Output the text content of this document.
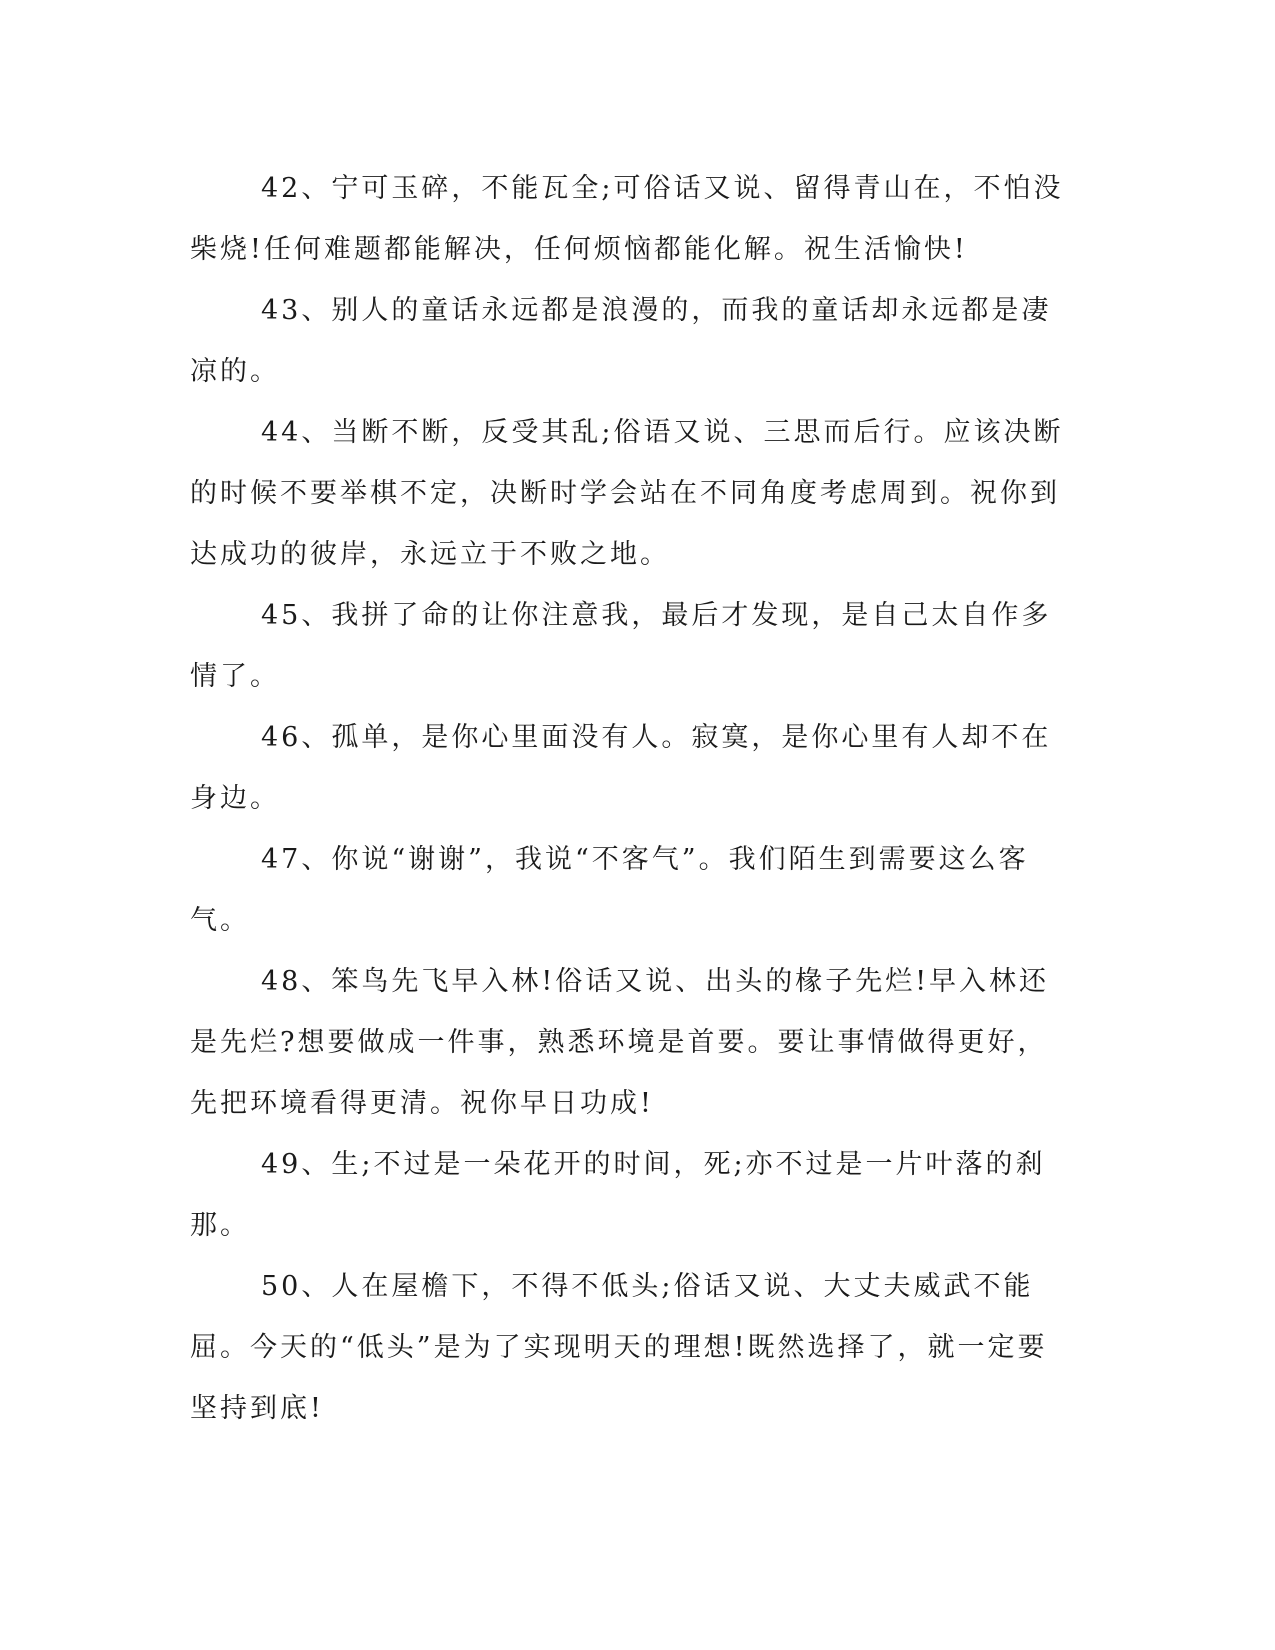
42、宁可玉碎，不能瓦全;可俗话又说、留得青山在，不怕没柴烧!任何难题都能解决，任何烦恼都能化解。祝生活愉快!

43、别人的童话永远都是浪漫的，而我的童话却永远都是凄凉的。

44、当断不断，反受其乱;俗语又说、三思而后行。应该决断的时候不要举棋不定，决断时学会站在不同角度考虑周到。祝你到达成功的彼岸，永远立于不败之地。

45、我拼了命的让你注意我，最后才发现，是自己太自作多情了。

46、孤单，是你心里面没有人。寂寞，是你心里有人却不在身边。

47、你说“谢谢”，我说“不客气”。我们陌生到需要这么客气。

48、笨鸟先飞早入林!俗话又说、出头的椽子先烂!早入林还是先烂?想要做成一件事，熟悉环境是首要。要让事情做得更好，先把环境看得更清。祝你早日功成!

49、生;不过是一朵花开的时间，死;亦不过是一片叶落的刹那。

50、人在屋檐下，不得不低头;俗话又说、大丈夫威武不能屈。今天的“低头”是为了实现明天的理想!既然选择了，就一定要坚持到底!
